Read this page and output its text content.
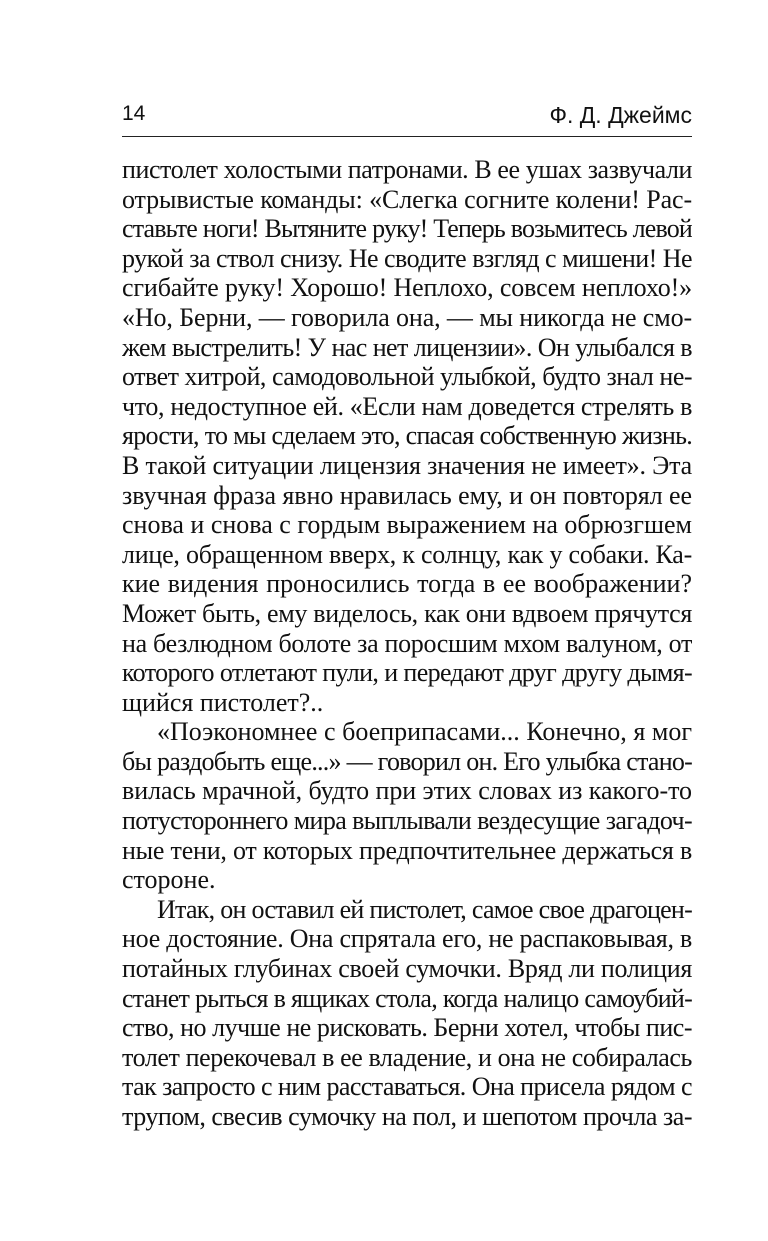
14	Ф. Д. Джеймс
пистолет холостыми патронами. В ее ушах зазвучали
отрывистые команды: «Слегка согните колени! Рас-
ставьте ноги! Вытяните руку! Теперь возьмитесь левой
рукой за ствол снизу. Не сводите взгляд с мишени! Не
сгибайте руку! Хорошо! Неплохо, совсем неплохо!»
«Но, Берни, — говорила она, — мы никогда не смо-
жем выстрелить! У нас нет лицензии». Он улыбался в
ответ хитрой, самодовольной улыбкой, будто знал не-
что, недоступное ей. «Если нам доведется стрелять в
ярости, то мы сделаем это, спасая собственную жизнь.
В такой ситуации лицензия значения не имеет». Эта
звучная фраза явно нравилась ему, и он повторял ее
снова и снова с гордым выражением на обрюзгшем
лице, обращенном вверх, к солнцу, как у собаки. Ка-
кие видения проносились тогда в ее воображении?
Может быть, ему виделось, как они вдвоем прячутся
на безлюдном болоте за поросшим мхом валуном, от
которого отлетают пули, и передают друг другу дымя-
щийся пистолет?..
«Поэкономнее с боеприпасами... Конечно, я мог
бы раздобыть еще...» — говорил он. Его улыбка стано-
вилась мрачной, будто при этих словах из какого-то
потустороннего мира выплывали вездесущие загадоч-
ные тени, от которых предпочтительнее держаться в
стороне.
Итак, он оставил ей пистолет, самое свое драгоцен-
ное достояние. Она спрятала его, не распаковывая, в
потайных глубинах своей сумочки. Вряд ли полиция
станет рыться в ящиках стола, когда налицо самоубий-
ство, но лучше не рисковать. Берни хотел, чтобы пис-
толет перекочевал в ее владение, и она не собиралась
так запросто с ним расставаться. Она присела рядом с
трупом, свесив сумочку на пол, и шепотом прочла за-
